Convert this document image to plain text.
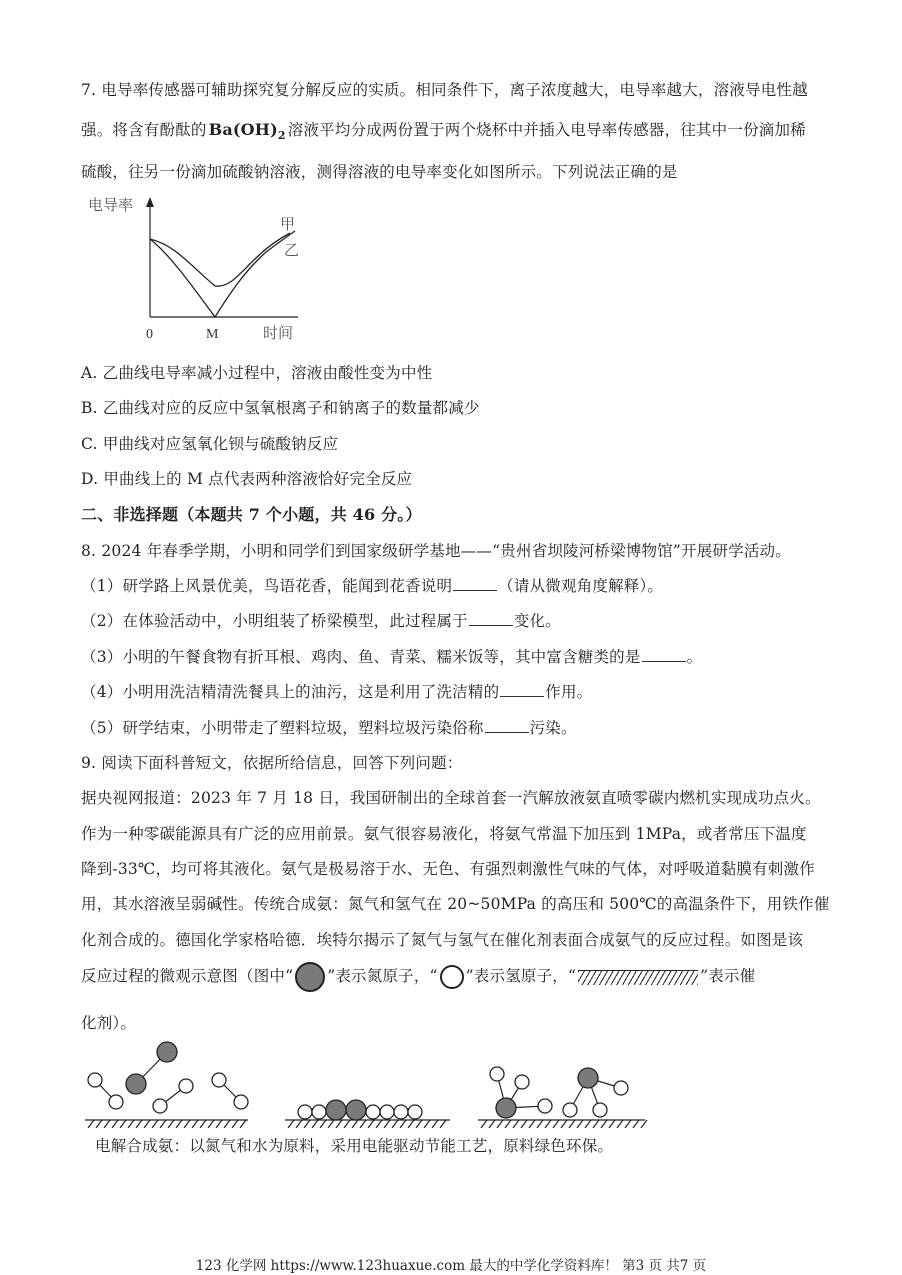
7. 电导率传感器可辅助探究复分解反应的实质。相同条件下，离子浓度越大，电导率越大，溶液导电性越
强。将含有酚酞的 $Ba(OH)_2$ 溶液平均分成两份置于两个烧杯中并插入电导率传感器，往其中一份滴加稀
硫酸，往另一份滴加硫酸钠溶液，测得溶液的电导率变化如图所示。下列说法正确的是
电导率
0	M	时间
甲
乙
A. 乙曲线电导率减小过程中，溶液由酸性变为中性
B. 乙曲线对应的反应中氢氧根离子和钠离子的数量都减少
C. 甲曲线对应氢氧化钡与硫酸钠反应
D. 甲曲线上的 M 点代表两种溶液恰好完全反应
二、非选择题（本题共 7 个小题，共 46 分。）
8. 2024 年春季学期，小明和同学们到国家级研学基地——“贵州省坝陵河桥梁博物馆”开展研学活动。
（1）研学路上风景优美，鸟语花香，能闻到花香说明	（请从微观角度解释）。
（2）在体验活动中，小明组装了桥梁模型，此过程属于	变化。
（3）小明的午餐食物有折耳根、鸡肉、鱼、青菜、糯米饭等，其中富含糖类的是	。
（4）小明用洗洁精清洗餐具上的油污，这是利用了洗洁精的	作用。
（5）研学结束，小明带走了塑料垃圾，塑料垃圾污染俗称	污染。
9. 阅读下面科普短文，依据所给信息，回答下列问题：
据央视网报道：2023 年 7 月 18 日，我国研制出的全球首套一汽解放液氨直喷零碳内燃机实现成功点火。
作为一种零碳能源具有广泛的应用前景。氨气很容易液化，将氨气常温下加压到 1MPa，或者常压下温度
降到-33℃，均可将其液化。氨气是极易溶于水、无色、有强烈刺激性气味的气体，对呼吸道黏膜有刺激作
用，其水溶液呈弱碱性。传统合成氨：氮气和氢气在 20~50MPa 的高压和 500℃的高温条件下，用铁作催
化剂合成的。德国化学家格哈德．埃特尔揭示了氮气与氢气在催化剂表面合成氨气的反应过程。如图是该
反应过程的微观示意图（图中“ ”表示氮原子，“ ”表示氢原子，“	”表示催
化剂）。
电解合成氨：以氮气和水为原料，采用电能驱动节能工艺，原料绿色环保。
123 化学网 https://www.123huaxue.com 最大的中学化学资料库！ 第3 页 共7 页
